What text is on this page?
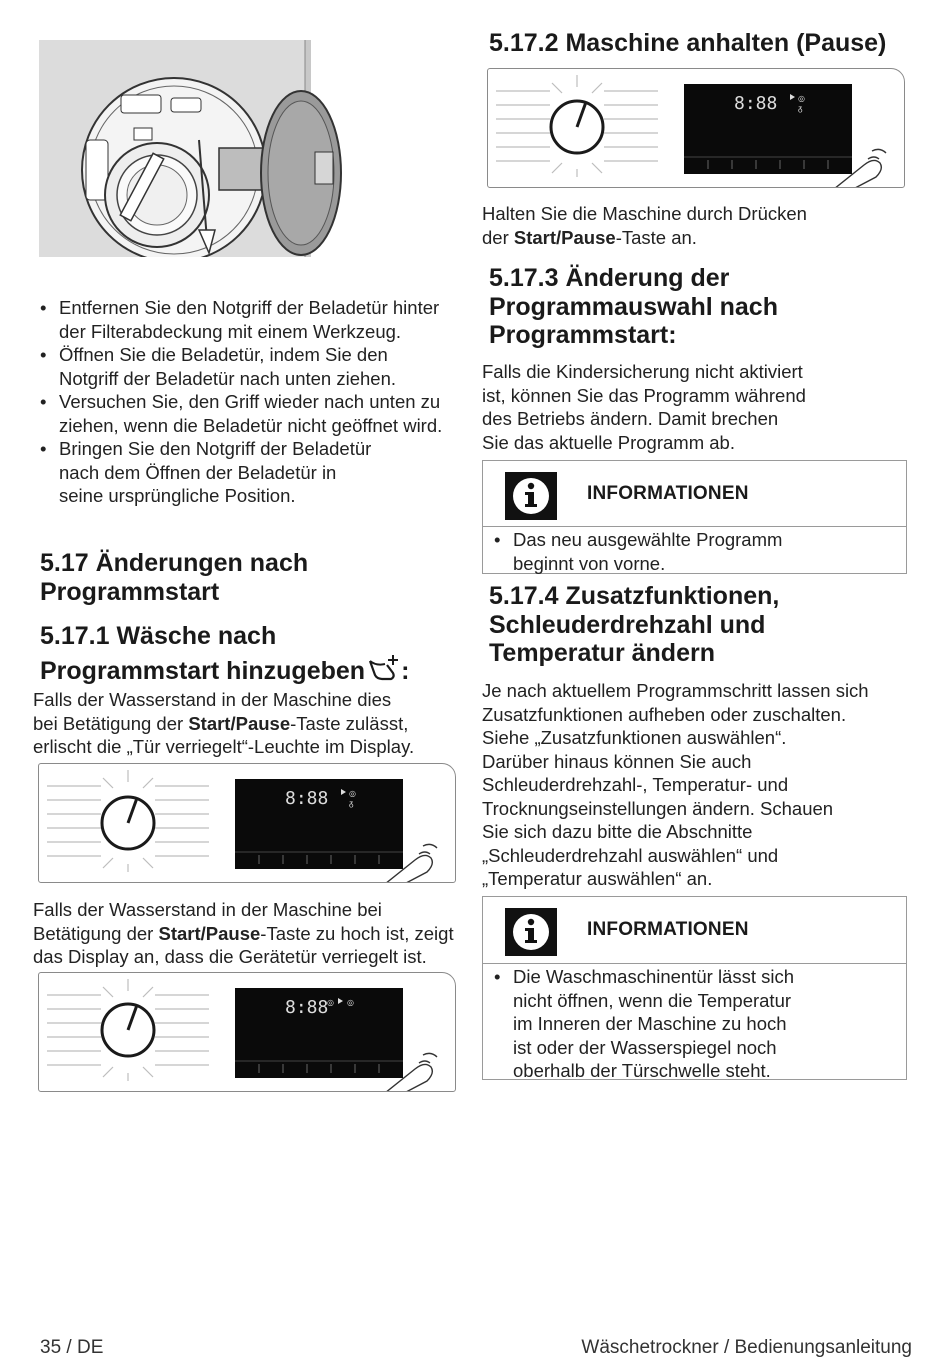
• Entfernen Sie den Notgriff der Beladetür hinter
der Filterabdeckung mit einem Werkzeug.
• Öffnen Sie die Beladetür, indem Sie den
Notgriff der Beladetür nach unten ziehen.
• Versuchen Sie, den Griff wieder nach unten zu
ziehen, wenn die Beladetür nicht geöffnet wird.
• Bringen Sie den Notgriff der Beladetür
nach dem Öffnen der Beladetür in
seine ursprüngliche Position.
5.17 Änderungen nach
Programmstart
5.17.1 Wäsche nach
Programmstart hinzugeben :
Falls der Wasserstand in der Maschine dies
bei Betätigung der Start/Pause-Taste zulässt,
erlischt die „Tür verriegelt“-Leuchte im Display.
8:88	◎
ᵹ
Falls der Wasserstand in der Maschine bei
Betätigung der Start/Pause-Taste zu hoch ist, zeigt
das Display an, dass die Gerätetür verriegelt ist.
8:88
◎ ◎
5.17.2 Maschine anhalten (Pause)
8:88	◎
ᵹ
Halten Sie die Maschine durch Drücken
der Start/Pause-Taste an.
5.17.3 Änderung der
Programmauswahl nach
Programmstart:
Falls die Kindersicherung nicht aktiviert
ist, können Sie das Programm während
des Betriebs ändern. Damit brechen
Sie das aktuelle Programm ab.
INFORMATIONEN
• Das neu ausgewählte Programm
beginnt von vorne.
5.17.4 Zusatzfunktionen,
Schleuderdrehzahl und
Temperatur ändern
Je nach aktuellem Programmschritt lassen sich
Zusatzfunktionen aufheben oder zuschalten.
Siehe „Zusatzfunktionen auswählen“.
Darüber hinaus können Sie auch
Schleuderdrehzahl-, Temperatur- und
Trocknungseinstellungen ändern. Schauen
Sie sich dazu bitte die Abschnitte
„Schleuderdrehzahl auswählen“ und
„Temperatur auswählen“ an.
INFORMATIONEN
• Die Waschmaschinentür lässt sich
nicht öffnen, wenn die Temperatur
im Inneren der Maschine zu hoch
ist oder der Wasserspiegel noch
oberhalb der Türschwelle steht.
35 / DE	Wäschetrockner / Bedienungsanleitung
